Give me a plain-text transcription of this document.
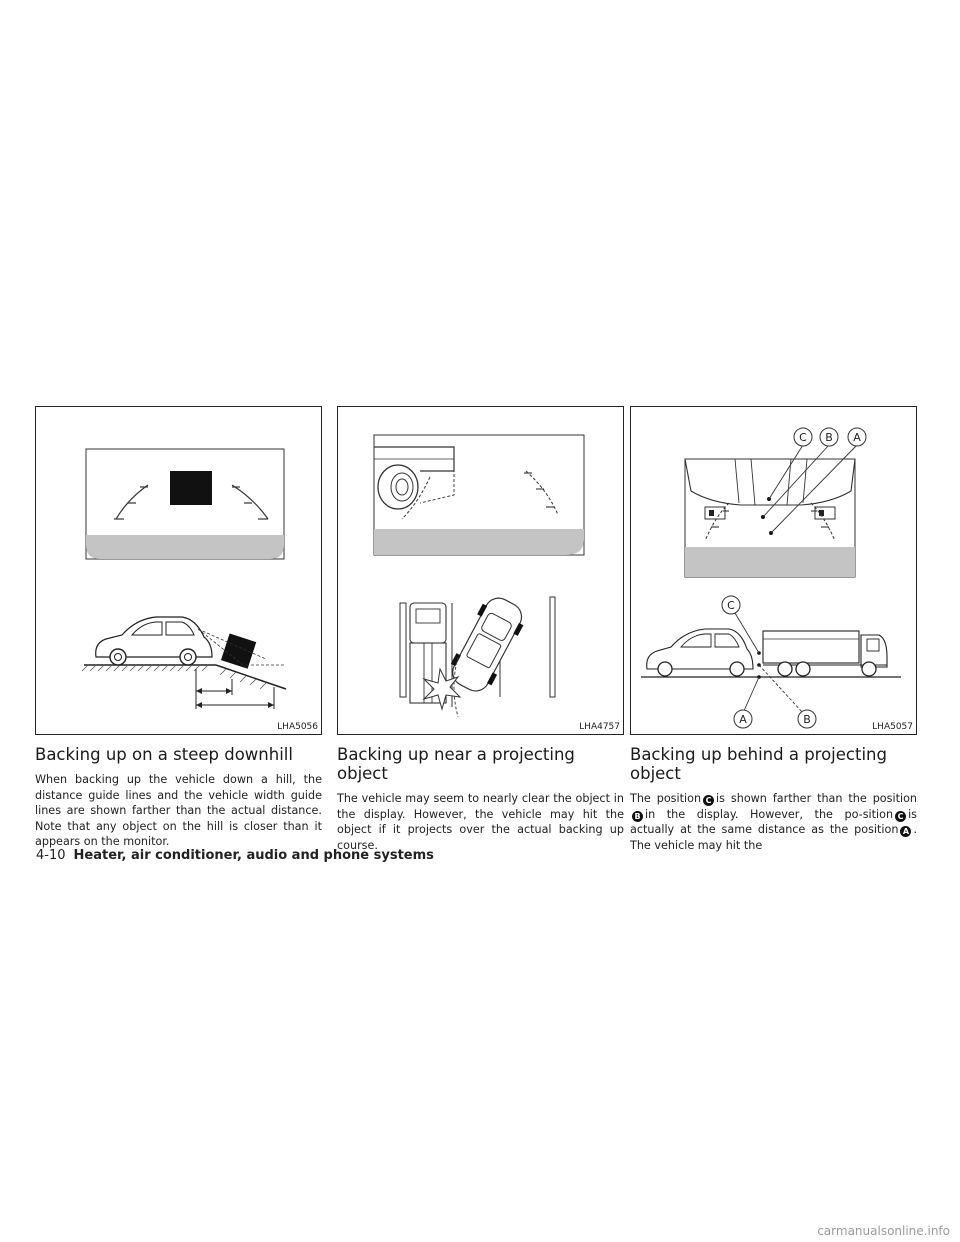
LHA5056
Backing up on a steep downhill

When backing up the vehicle down a hill, the distance guide lines and the vehicle width guide lines are shown farther than the actual distance. Note that any object on the hill is closer than it appears on the monitor.

LHA4757
Backing up near a projecting object

The vehicle may seem to nearly clear the object in the display. However, the vehicle may hit the object if it projects over the actual backing up course.

C B A
C
A	B
LHA5057
Backing up behind a projecting object

The position C is shown farther than the positionB in the display. However, the po-sition C is actually at the same distance as the position A . The vehicle may hit the

4-10 Heater, air conditioner, audio and phone systems
carmanualsonline.info
